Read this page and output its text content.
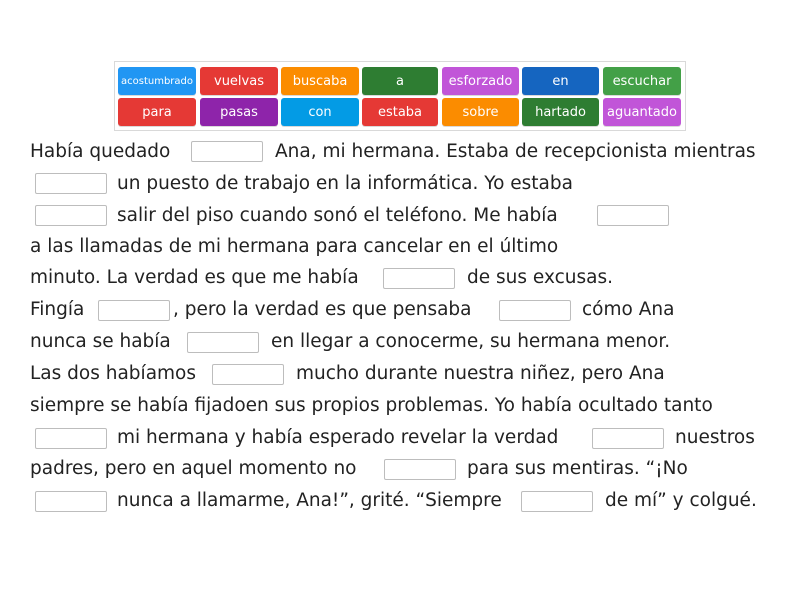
acostumbrado	vuelvas	buscaba	a	esforzado	en	escuchar
para	pasas	con	estaba	sobre	hartado	aguantado
Había quedado	Ana, mi hermana. Estaba de recepcionista mientras
un puesto de trabajo en la informática. Yo estaba
salir del piso cuando sonó el teléfono. Me había
a las llamadas de mi hermana para cancelar en el último
minuto. La verdad es que me había	de sus excusas.
Fingía	, pero la verdad es que pensaba	cómo Ana
nunca se había	en llegar a conocerme, su hermana menor.
Las dos habíamos	mucho durante nuestra niñez, pero Ana
siempre se había fijadoen sus propios problemas. Yo había ocultado tanto
mi hermana y había esperado revelar la verdad	nuestros
padres, pero en aquel momento no	para sus mentiras. “¡No
nunca a llamarme, Ana!”, grité. “Siempre	de mí” y colgué.
